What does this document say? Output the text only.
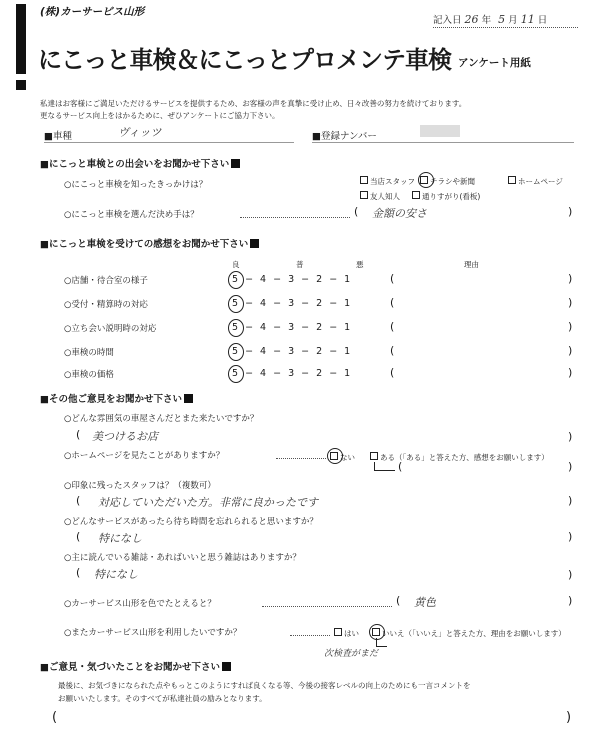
(株)カーサービス山形
記入日 26 年 5 月 11 日
にこっと車検＆にこっとプロメンテ車検 アンケート用紙
私達はお客様にご満足いただけるサービスを提供するため、お客様の声を真摯に受け止め、日々改善の努力を続けております。
更なるサービス向上をはかるために、ぜひアンケートにご協力下さい。
■車種	ヴィッツ	■登録ナンバー
■にこっと車検との出会いをお聞かせ下さい
○にこっと車検を知ったきっかけは？	当店スタッフ	チラシや新聞	ホームページ
友人知人	通りすがり(看板)
○にこっと車検を選んだ決め手は？	( 金額の安さ	)
■にこっと車検を受けての感想をお聞かせ下さい
良	普	悪	理由
○店舗・待合室の様子	5 − 4 − 3 − 2 − 1	(	)
○受付・精算時の対応	5 − 4 − 3 − 2 − 1	(	)
○立ち会い説明時の対応	5 − 4 − 3 − 2 − 1	(	)
○車検の時間	5 − 4 − 3 − 2 − 1	(	)
○車検の価格	5 − 4 − 3 − 2 − 1	(	)
■その他ご意見をお聞かせ下さい
○どんな雰囲気の車屋さんだとまた来たいですか？
( 美つけるお店	)
○ホームページを見たことがありますか？	ない	ある（「ある」と答えた方、感想をお願いします）
(	)
○印象に残ったスタッフは？（複数可）
( 対応していただいた方。非常に良かったです	)
○どんなサービスがあったら待ち時間を忘れられると思いますか？
( 特になし	)
○主に読んでいる雑誌・あればいいと思う雑誌はありますか？
( 特になし	)
○カーサービス山形を色でたとえると？	( 黄色	)
○またカーサービス山形を利用したいですか？	はい	いいえ（「いいえ」と答えた方、理由をお願いします）
次検査がまだ
■ご意見・気づいたことをお聞かせ下さい
最後に、お気づきになられた点やもっとこのようにすれば良くなる等、今後の接客レベルの向上のためにも一言コメントを
お願いいたします。そのすべてが私達社員の励みとなります。
(	)
